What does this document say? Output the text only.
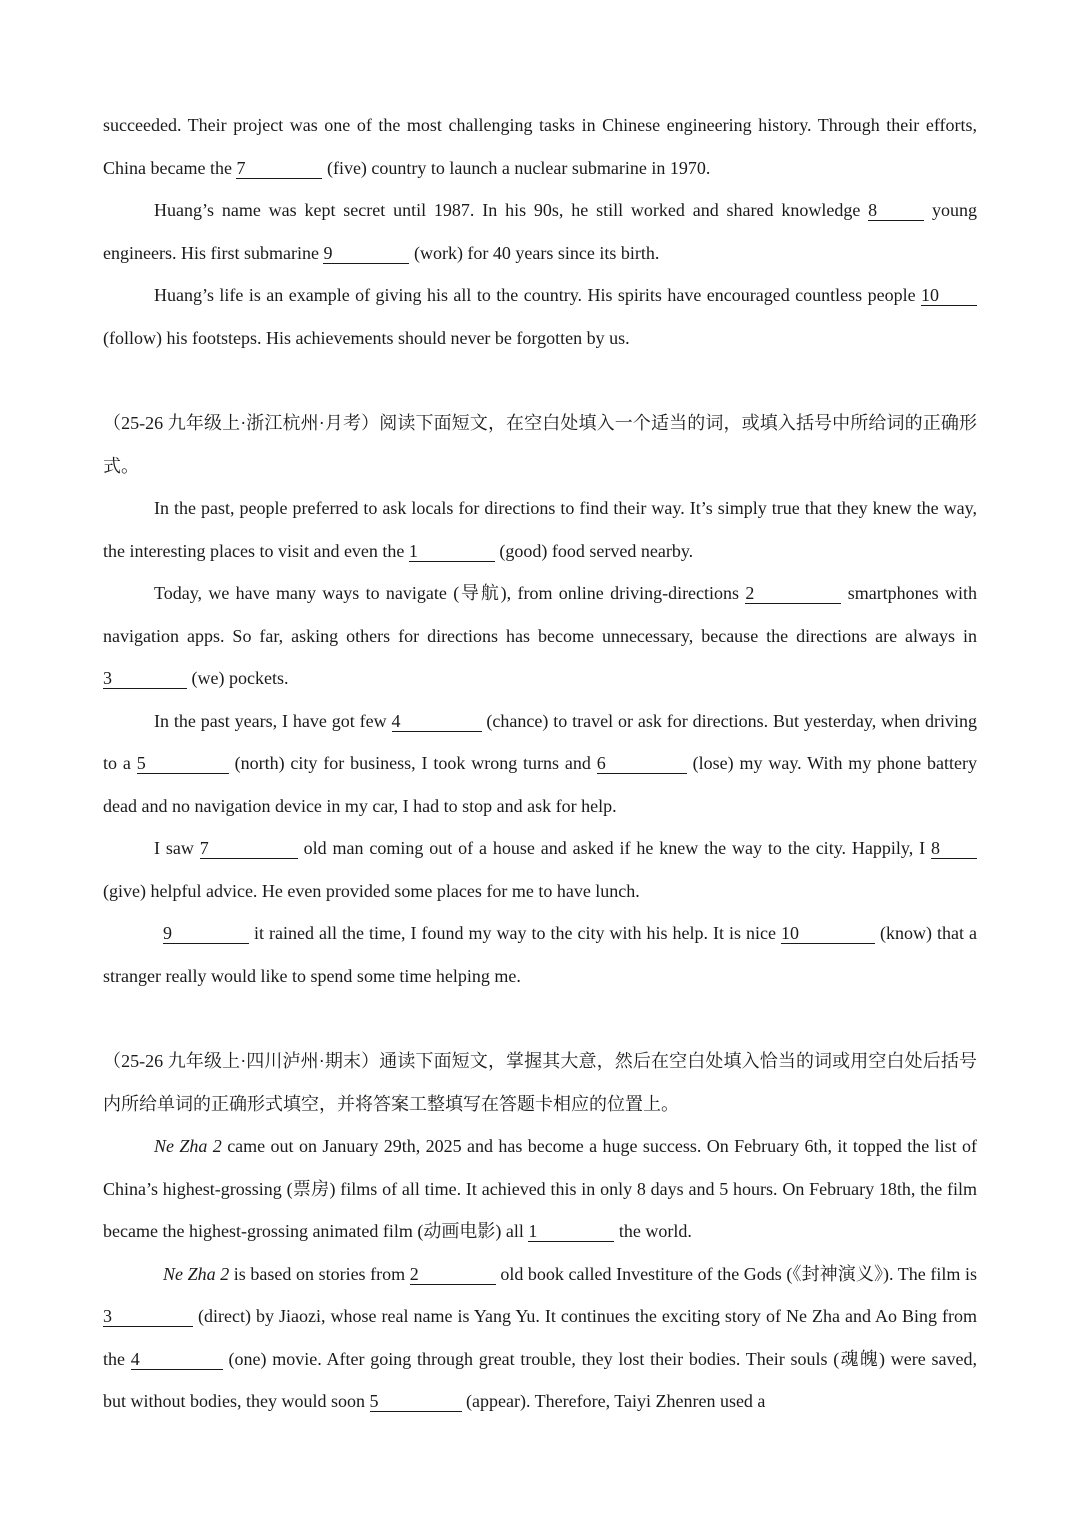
succeeded. Their project was one of the most challenging tasks in Chinese engineering history. Through their efforts, China became the 7	(five) country to launch a nuclear submarine in 1970.

Huang’s name was kept secret until 1987. In his 90s, he still worked and shared knowledge 8	young engineers. His first submarine 9	(work) for 40 years since its birth.

Huang’s life is an example of giving his all to the country. His spirits have encouraged countless people 10 (follow) his footsteps. His achievements should never be forgotten by us.

（25-26 九年级上·浙江杭州·月考）阅读下面短文，在空白处填入一个适当的词，或填入括号中所给词的正确形式。

In the past, people preferred to ask locals for directions to find their way. It’s simply true that they knew the way, the interesting places to visit and even the 1	(good) food served nearby.

Today, we have many ways to navigate (导航), from online driving-directions 2	smartphones with navigation apps. So far, asking others for directions has become unnecessary, because the directions are always in 3	(we) pockets.

In the past years, I have got few 4	(chance) to travel or ask for directions. But yesterday, when driving to a 5	(north) city for business, I took wrong turns and 6	(lose) my way. With my phone battery dead and no navigation device in my car, I had to stop and ask for help.

I saw 7	old man coming out of a house and asked if he knew the way to the city. Happily, I 8 (give) helpful advice. He even provided some places for me to have lunch.

9	it rained all the time, I found my way to the city with his help. It is nice 10	(know) that a stranger really would like to spend some time helping me.

（25-26 九年级上·四川泸州·期末）通读下面短文，掌握其大意，然后在空白处填入恰当的词或用空白处后括号内所给单词的正确形式填空，并将答案工整填写在答题卡相应的位置上。

Ne Zha 2 came out on January 29th, 2025 and has become a huge success. On February 6th, it topped the list of China’s highest-grossing (票房) films of all time. It achieved this in only 8 days and 5 hours. On February 18th, the film became the highest-grossing animated film (动画电影) all 1	the world.

Ne Zha 2 is based on stories from 2	old book called Investiture of the Gods (《封神演义》). The film is 3	(direct) by Jiaozi, whose real name is Yang Yu. It continues the exciting story of Ne Zha and Ao Bing from the 4	(one) movie. After going through great trouble, they lost their bodies. Their souls (魂魄) were saved, but without bodies, they would soon 5	(appear). Therefore, Taiyi Zhenren used a
